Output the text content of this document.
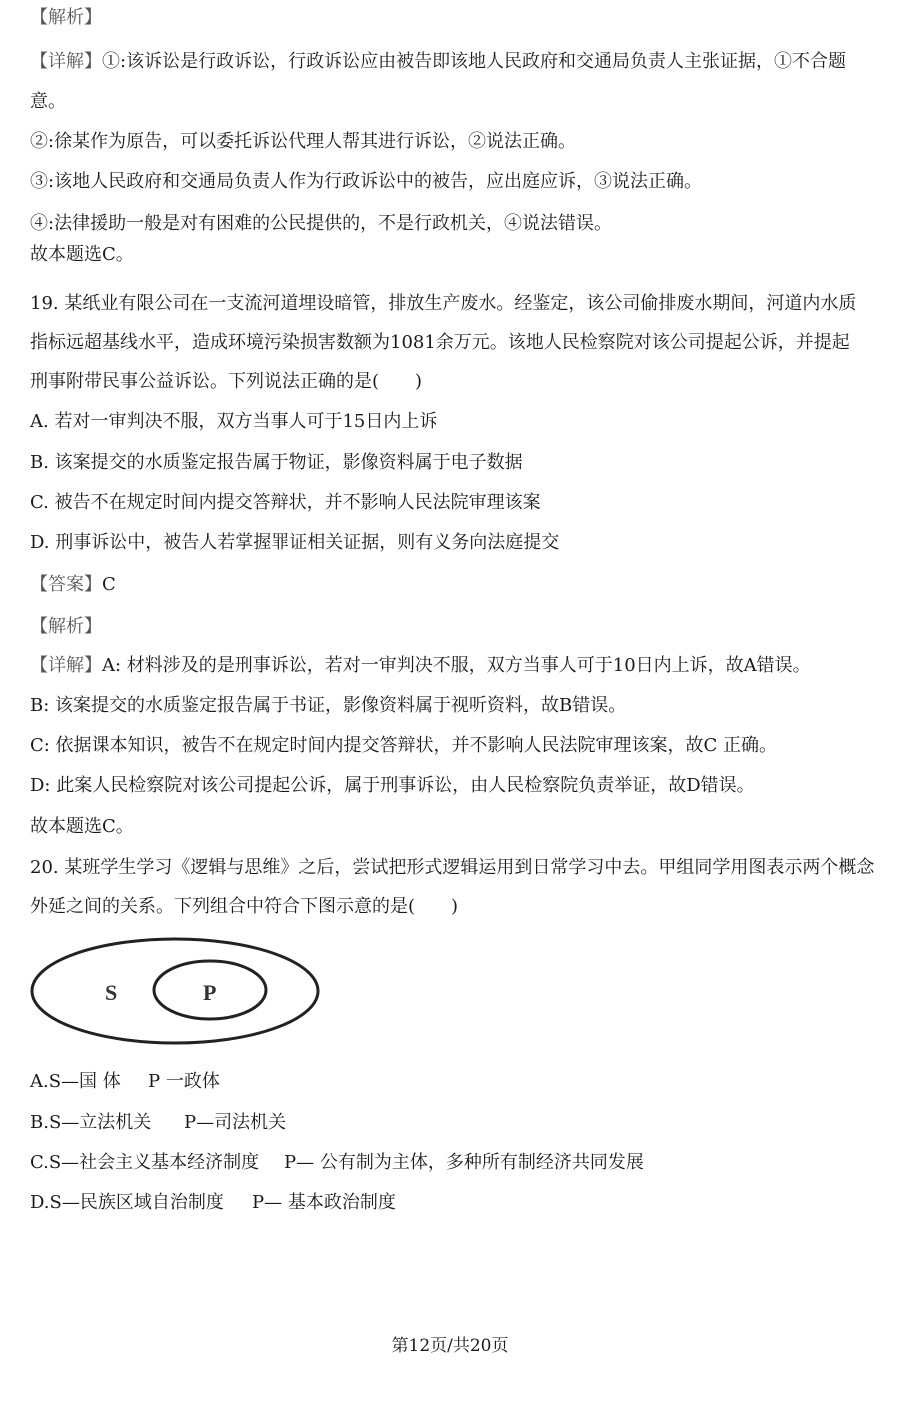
【解析】
【详解】①:该诉讼是行政诉讼，行政诉讼应由被告即该地人民政府和交通局负责人主张证据，①不合题
意。
②:徐某作为原告，可以委托诉讼代理人帮其进行诉讼，②说法正确。
③:该地人民政府和交通局负责人作为行政诉讼中的被告，应出庭应诉，③说法正确。
④:法律援助一般是对有困难的公民提供的，不是行政机关，④说法错误。
故本题选C。
19. 某纸业有限公司在一支流河道埋设暗管，排放生产废水。经鉴定，该公司偷排废水期间，河道内水质
指标远超基线水平，造成环境污染损害数额为1081余万元。该地人民检察院对该公司提起公诉，并提起
刑事附带民事公益诉讼。下列说法正确的是(　　)
A. 若对一审判决不服，双方当事人可于15日内上诉
B. 该案提交的水质鉴定报告属于物证，影像资料属于电子数据
C. 被告不在规定时间内提交答辩状，并不影响人民法院审理该案
D. 刑事诉讼中，被告人若掌握罪证相关证据，则有义务向法庭提交
【答案】C
【解析】
【详解】A: 材料涉及的是刑事诉讼，若对一审判决不服，双方当事人可于10日内上诉，故A错误。
B: 该案提交的水质鉴定报告属于书证，影像资料属于视听资料，故B错误。
C: 依据课本知识，被告不在规定时间内提交答辩状，并不影响人民法院审理该案，故C 正确。
D: 此案人民检察院对该公司提起公诉，属于刑事诉讼，由人民检察院负责举证，故D错误。
故本题选C。
20. 某班学生学习《逻辑与思维》之后，尝试把形式逻辑运用到日常学习中去。甲组同学用图表示两个概念
外延之间的关系。下列组合中符合下图示意的是(　　)
S	P
A.S—国 体 P 一政体
B.S—立法机关 P—司法机关
C.S—社会主义基本经济制度 P— 公有制为主体，多种所有制经济共同发展
D.S—民族区域自治制度 P— 基本政治制度
第12页/共20页
